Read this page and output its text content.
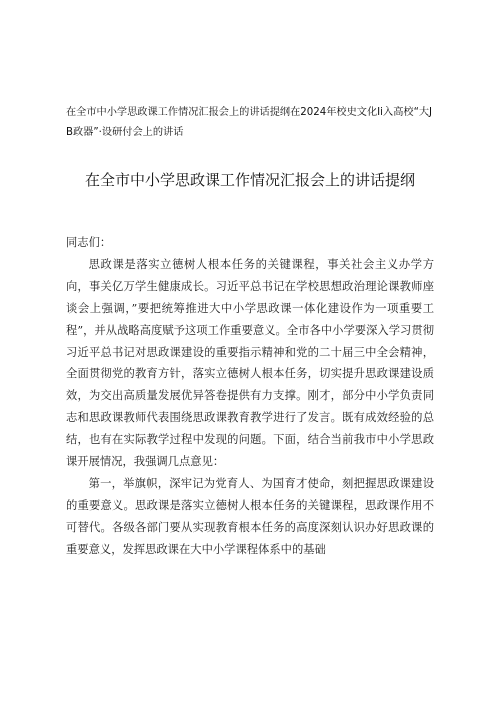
在全市中小学思政课工作情况汇报会上的讲话提纲在2024年校史文化Ii入高校“大J B政器”·设研付会上的讲话
在全市中小学思政课工作情况汇报会上的讲话提纲

同志们：

思政课是落实立德树人根本任务的关键课程，事关社会主义办学方向，事关亿万学生健康成长。习近平总书记在学校思想政治理论课教师座谈会上强调，”要把统筹推进大中小学思政课一体化建设作为一项重要工程”，并从战略高度赋予这项工作重要意义。全市各中小学要深入学习贯彻习近平总书记对思政课建设的重要指示精神和党的二十届三中全会精神，全面贯彻党的教育方针，落实立德树人根本任务，切实提升思政课建设质效，为交出高质量发展优异答卷提供有力支撑。刚才，部分中小学负责同志和思政课教师代表围绕思政课教育教学进行了发言。既有成效经验的总结，也有在实际教学过程中发现的问题。下面，结合当前我市中小学思政课开展情况，我强调几点意见：

第一，举旗帜，深牢记为党育人、为国育才使命，刻把握思政课建设的重要意义。思政课是落实立德树人根本任务的关键课程，思政课作用不可替代。各级各部门要从实现教育根本任务的高度深刻认识办好思政课的重要意义，发挥思政课在大中小学课程体系中的基础
